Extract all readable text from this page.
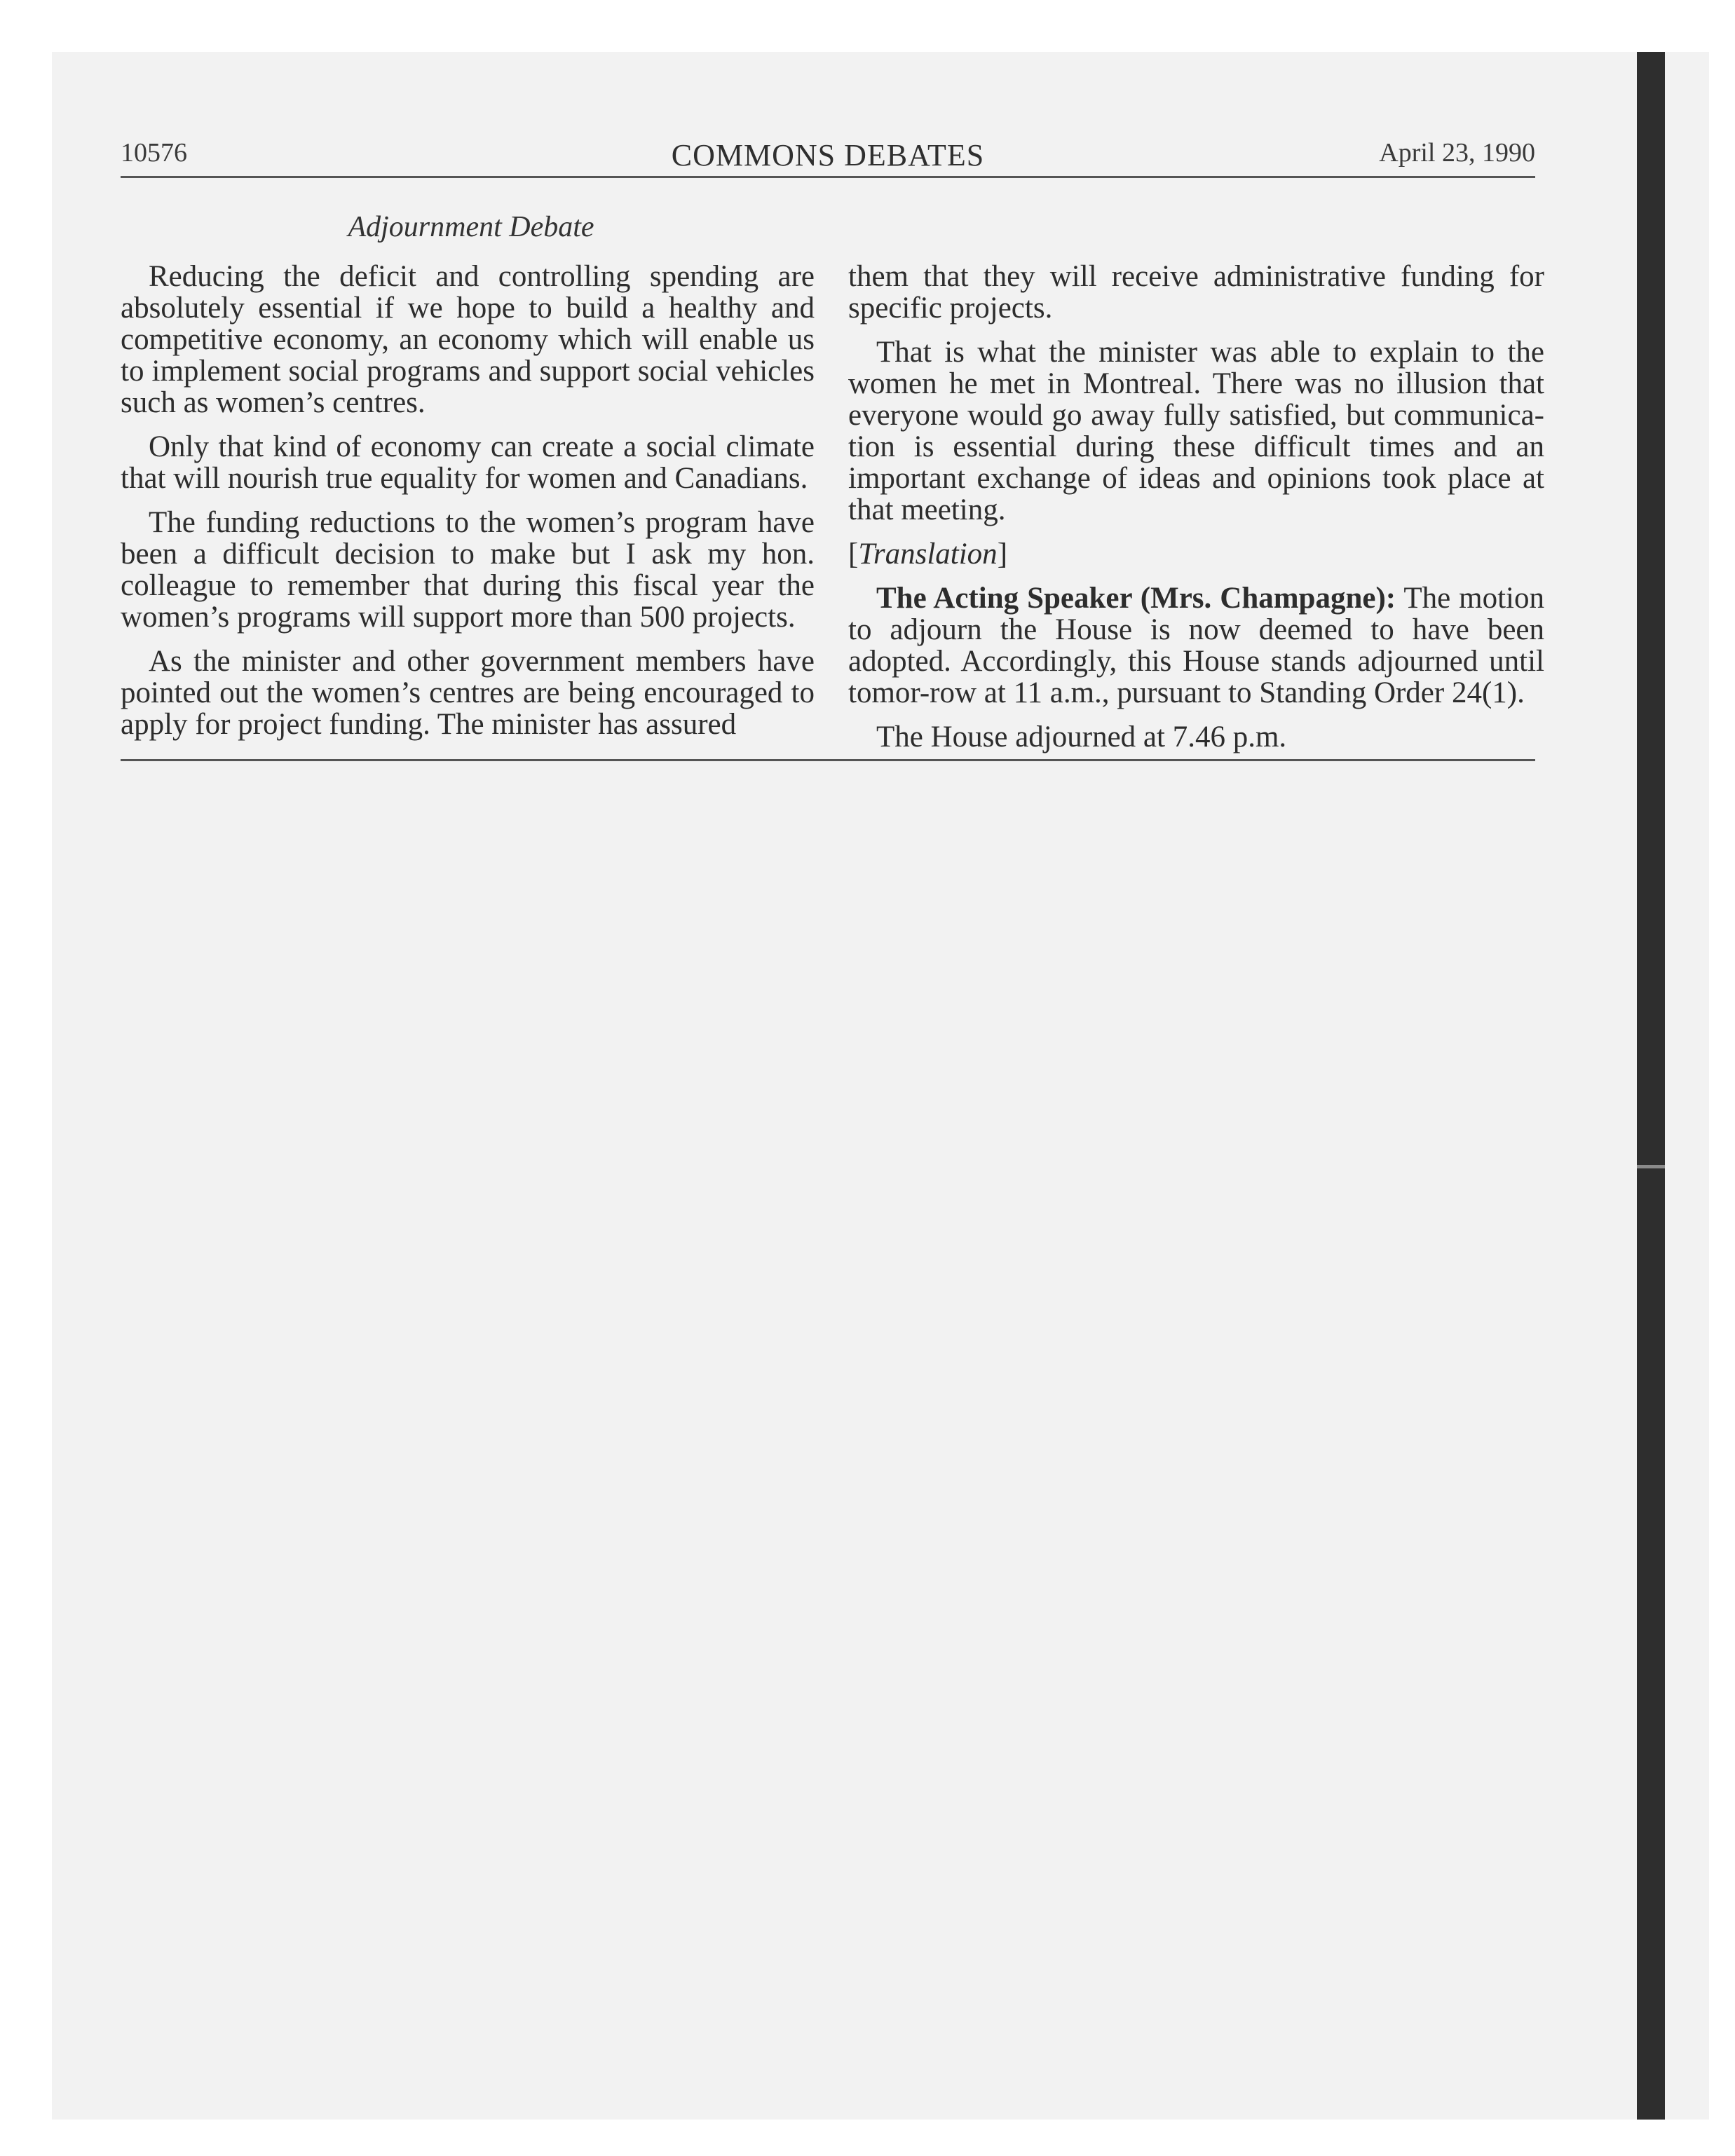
10576	COMMONS DEBATES	April 23, 1990
Adjournment Debate

Reducing the deficit and controlling spending are absolutely essential if we hope to build a healthy and competitive economy, an economy which will enable us to implement social programs and support social vehicles such as women’s centres.

Only that kind of economy can create a social climate that will nourish true equality for women and Canadians.

The funding reductions to the women’s program have been a difficult decision to make but I ask my hon. colleague to remember that during this fiscal year the women’s programs will support more than 500 projects.

As the minister and other government members have pointed out the women’s centres are being encouraged to apply for project funding. The minister has assured

them that they will receive administrative funding for specific projects.

That is what the minister was able to explain to the women he met in Montreal. There was no illusion that everyone would go away fully satisfied, but communica-tion is essential during these difficult times and an important exchange of ideas and opinions took place at that meeting.

[Translation]

The Acting Speaker (Mrs. Champagne): The motion to adjourn the House is now deemed to have been adopted. Accordingly, this House stands adjourned until tomor-row at 11 a.m., pursuant to Standing Order 24(1).

The House adjourned at 7.46 p.m.
